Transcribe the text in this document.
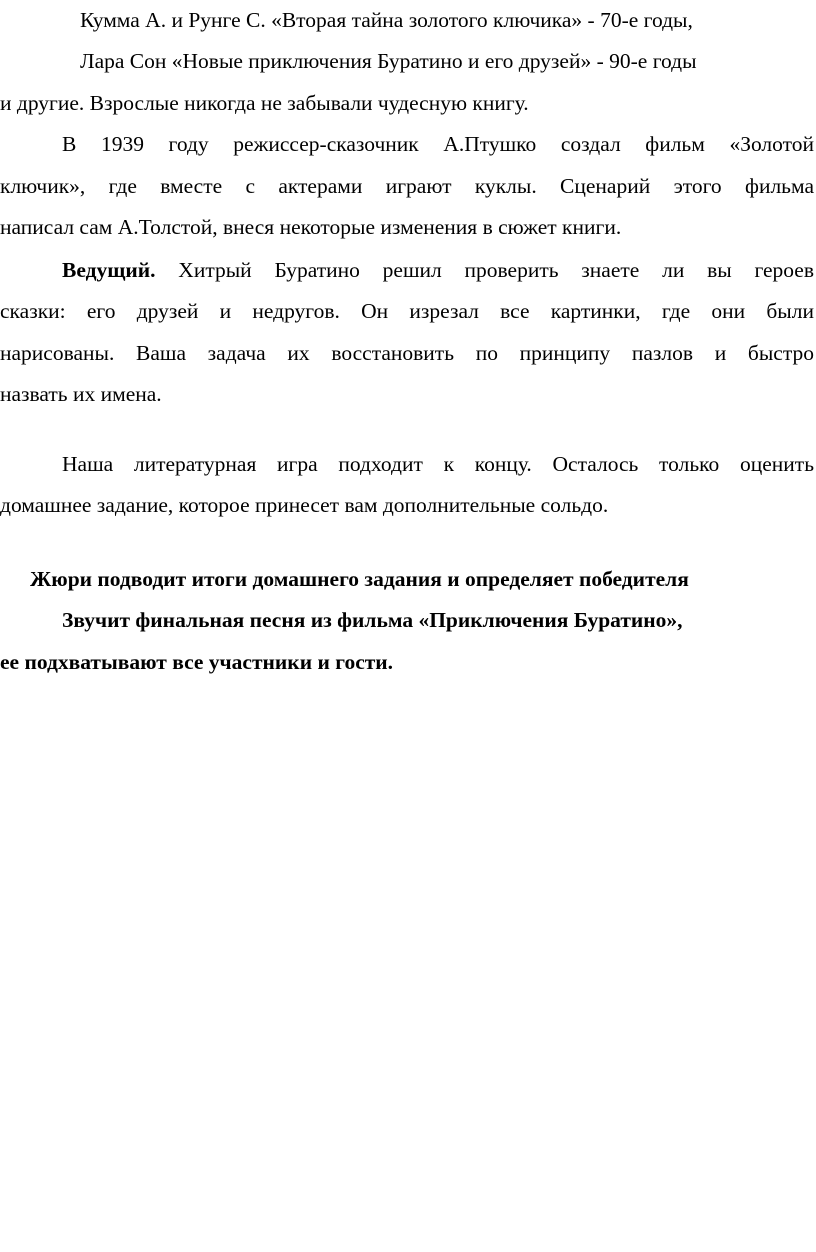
Кумма А. и Рунге С. «Вторая тайна золотого ключика» - 70-е годы,
Лара Сон «Новые приключения Буратино и его друзей» - 90-е годы
и другие. Взрослые никогда не забывали чудесную книгу.
В 1939 году режиссер-сказочник А.Птушко создал фильм «Золотой
ключик», где вместе с актерами играют куклы. Сценарий этого фильма
написал сам А.Толстой, внеся некоторые изменения в сюжет книги.
Ведущий. Хитрый Буратино решил проверить знаете ли вы героев
сказки: его друзей и недругов. Он изрезал все картинки, где они были
нарисованы. Ваша задача их восстановить по принципу пазлов и быстро
назвать их имена.
Наша литературная игра подходит к концу. Осталось только оценить
домашнее задание, которое принесет вам дополнительные сольдо.
Жюри подводит итоги домашнего задания и определяет победителя
Звучит финальная песня из фильма «Приключения Буратино»,
ее подхватывают все участники и гости.
